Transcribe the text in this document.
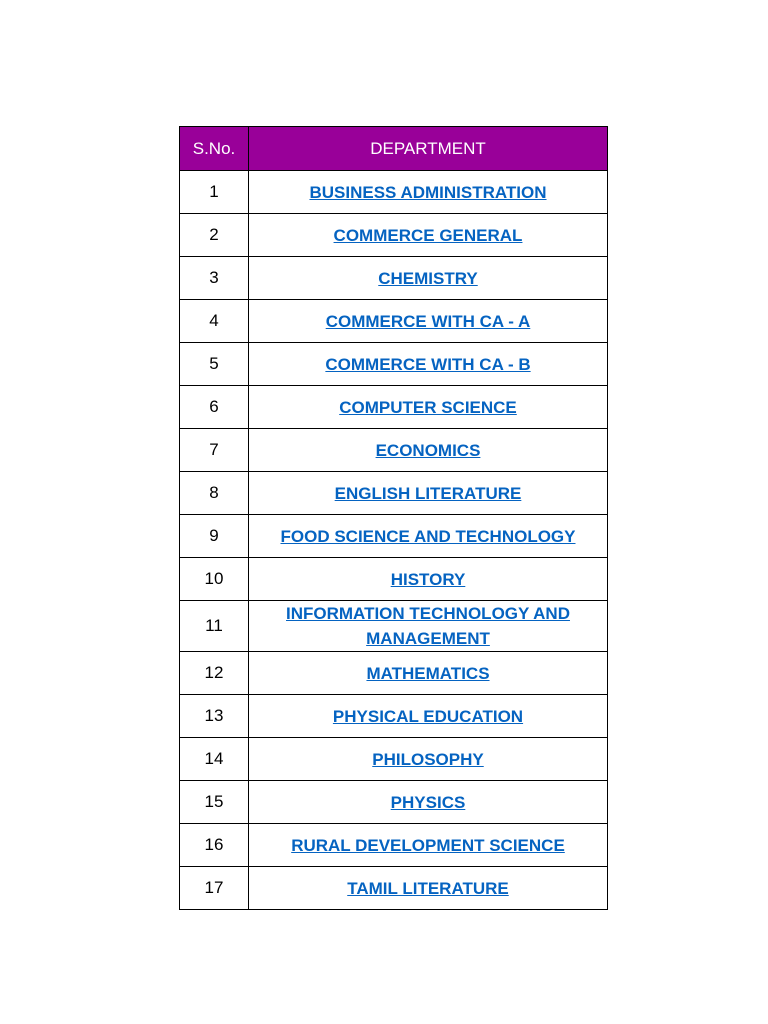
S.No.	DEPARTMENT
1	BUSINESS ADMINISTRATION
2	COMMERCE GENERAL
3	CHEMISTRY
4	COMMERCE WITH CA - A
5	COMMERCE WITH CA - B
6	COMPUTER SCIENCE
7	ECONOMICS
8	ENGLISH LITERATURE
9	FOOD SCIENCE AND TECHNOLOGY
10	HISTORY
11	INFORMATION TECHNOLOGY AND MANAGEMENT
12	MATHEMATICS
13	PHYSICAL EDUCATION
14	PHILOSOPHY
15	PHYSICS
16	RURAL DEVELOPMENT SCIENCE
17	TAMIL LITERATURE
